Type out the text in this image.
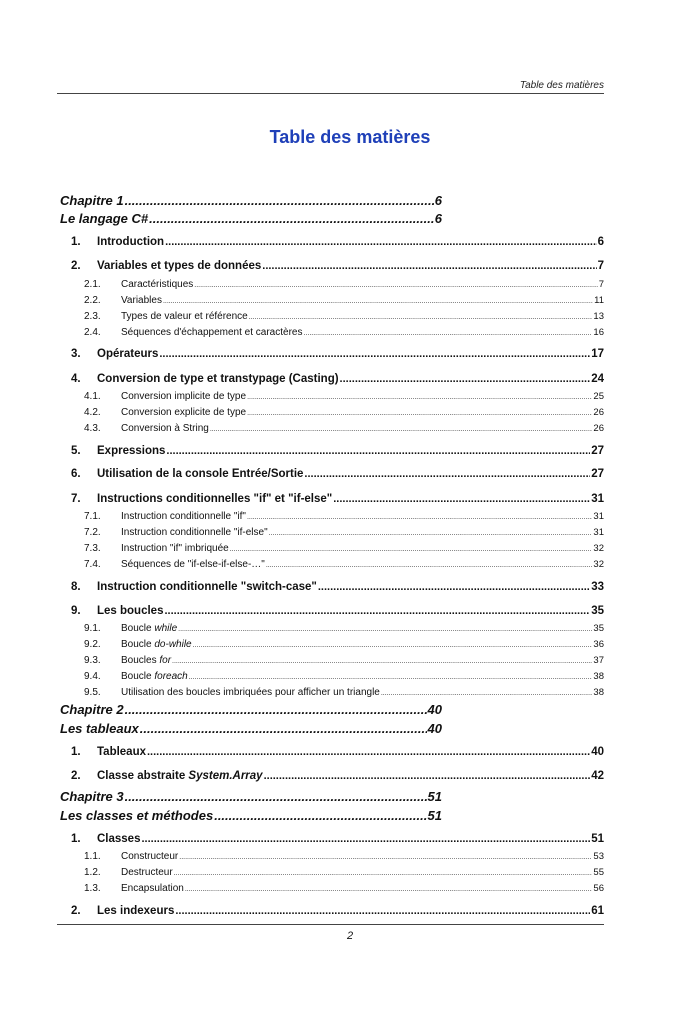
Table des matières
Table des matières
Chapitre 1 .....	6
Le langage C# .....	6
1.	Introduction .....	6
2.	Variables et types de données .....	7
2.1.	Caractéristiques .....	7
2.2.	Variables .....	11
2.3.	Types de valeur et référence .....	13
2.4.	Séquences d'échappement et caractères .....	16
3.	Opérateurs .....	17
4.	Conversion de type et transtypage (Casting) .....	24
4.1.	Conversion implicite de type .....	25
4.2.	Conversion explicite de type .....	26
4.3.	Conversion à String .....	26
5.	Expressions .....	27
6.	Utilisation de la console Entrée/Sortie .....	27
7.	Instructions conditionnelles "if" et "if-else" .....	31
7.1.	Instruction conditionnelle "if" .....	31
7.2.	Instruction conditionnelle "if-else" .....	31
7.3.	Instruction "if" imbriquée .....	32
7.4.	Séquences de "if-else-if-else-…" .....	32
8.	Instruction conditionnelle "switch-case" .....	33
9.	Les boucles .....	35
9.1.	Boucle while .....	35
9.2.	Boucle do-while .....	36
9.3.	Boucles for .....	37
9.4.	Boucle foreach .....	38
9.5.	Utilisation des boucles imbriquées pour afficher un triangle .....	38
Chapitre 2 .....	40
Les tableaux .....	40
1.	Tableaux .....	40
2.	Classe abstraite System.Array .....	42
Chapitre 3 .....	51
Les classes et méthodes .....	51
1.	Classes .....	51
1.1.	Constructeur .....	53
1.2.	Destructeur .....	55
1.3.	Encapsulation .....	56
2.	Les indexeurs .....	61
2
